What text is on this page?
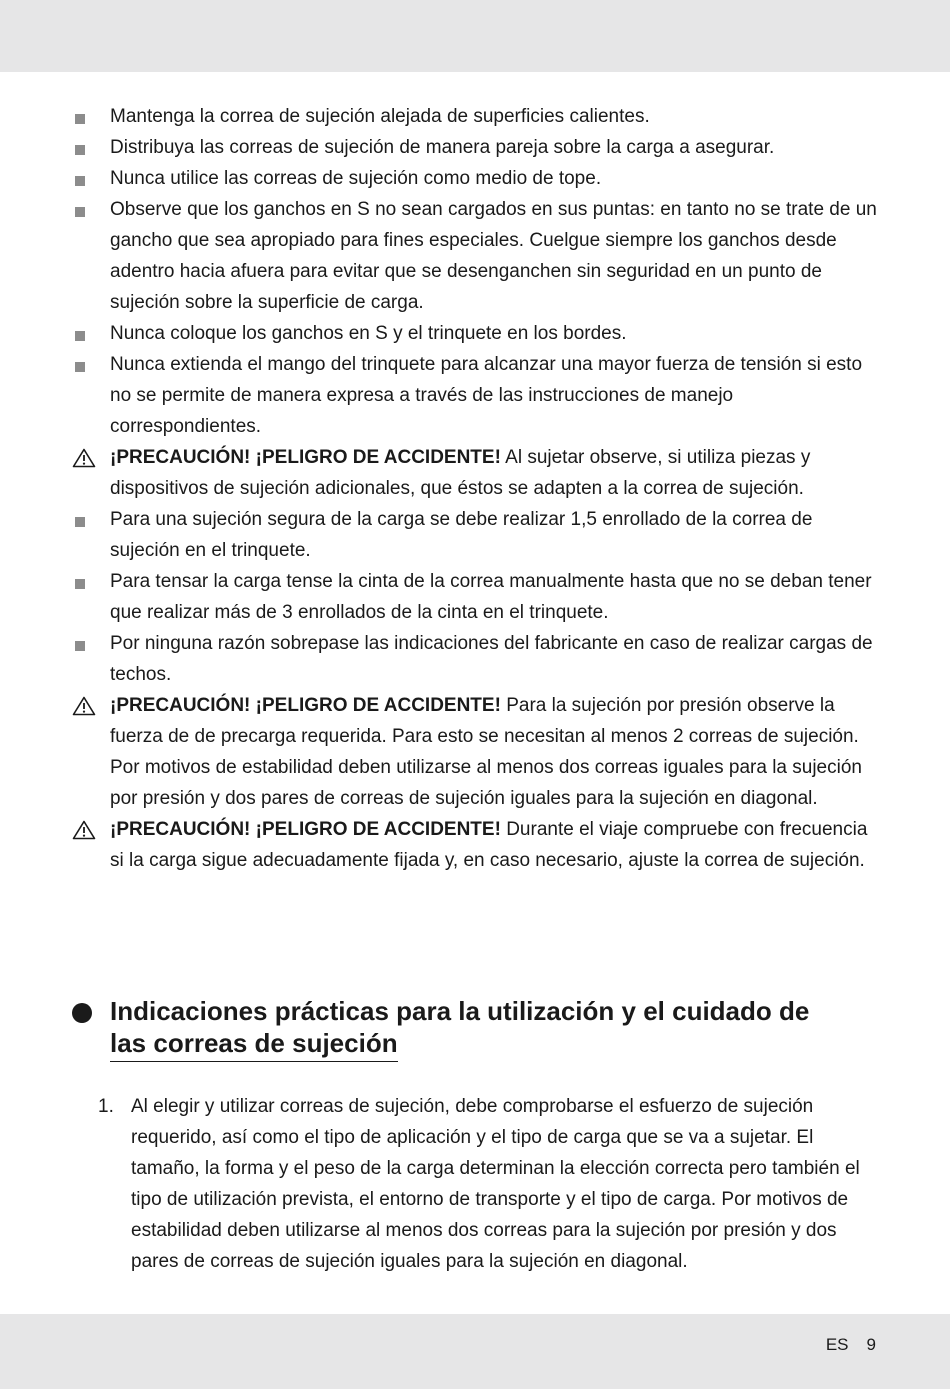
Mantenga la correa de sujeción alejada de superficies calientes.
Distribuya las correas de sujeción de manera pareja sobre la carga a asegurar.
Nunca utilice las correas de sujeción como medio de tope.
Observe que los ganchos en S no sean cargados en sus puntas: en tanto no se trate de un gancho que sea apropiado para fines especiales. Cuelgue siempre los ganchos desde adentro hacia afuera para evitar que se desenganchen sin seguridad en un punto de sujeción sobre la superficie de carga.
Nunca coloque los ganchos en S y el trinquete en los bordes.
Nunca extienda el mango del trinquete para alcanzar una mayor fuerza de tensión si esto no se permite de manera expresa a través de las instrucciones de manejo correspondientes.
¡PRECAUCIÓN! ¡PELIGRO DE ACCIDENTE! Al sujetar observe, si utiliza piezas y dispositivos de sujeción adicionales, que éstos se adapten a la correa de sujeción.
Para una sujeción segura de la carga se debe realizar 1,5 enrollado de la correa de sujeción en el trinquete.
Para tensar la carga tense la cinta de la correa manualmente hasta que no se deban tener que realizar más de 3 enrollados de la cinta en el trinquete.
Por ninguna razón sobrepase las indicaciones del fabricante en caso de realizar cargas de techos.
¡PRECAUCIÓN! ¡PELIGRO DE ACCIDENTE! Para la sujeción por presión observe la fuerza de de precarga requerida. Para esto se necesitan al menos 2 correas de sujeción. Por motivos de estabilidad deben utilizarse al menos dos correas iguales para la sujeción por presión y dos pares de correas de sujeción iguales para la sujeción en diagonal.
¡PRECAUCIÓN! ¡PELIGRO DE ACCIDENTE! Durante el viaje compruebe con frecuencia si la carga sigue adecuadamente fijada y, en caso necesario, ajuste la correa de sujeción.
Indicaciones prácticas para la utilización y el cuidado de
las correas de sujeción
1. Al elegir y utilizar correas de sujeción, debe comprobarse el esfuerzo de sujeción requerido, así como el tipo de aplicación y el tipo de carga que se va a sujetar. El tamaño, la forma y el peso de la carga determinan la elección correcta pero también el tipo de utilización prevista, el entorno de transporte y el tipo de carga. Por motivos de estabilidad deben utilizarse al menos dos correas para la sujeción por presión y dos pares de correas de sujeción iguales para la sujeción en diagonal.
ES 9
